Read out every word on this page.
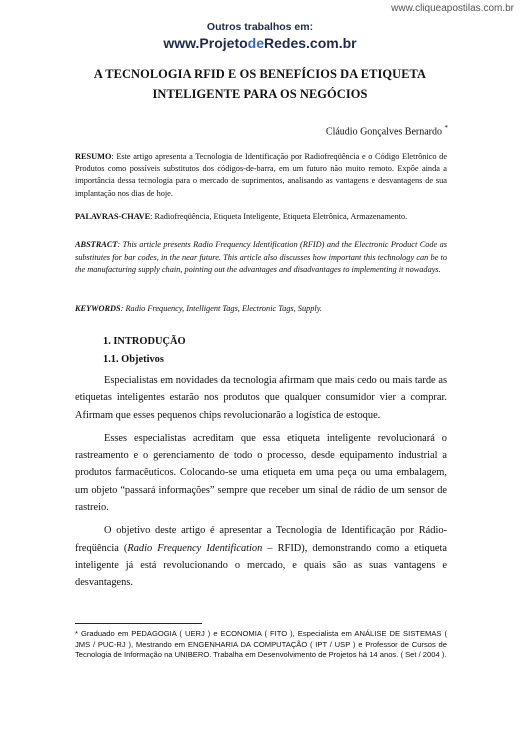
www.cliqueapostilas.com.br
Outros trabalhos em:
www.ProjetodeRedes.com.br
A TECNOLOGIA RFID E OS BENEFÍCIOS DA ETIQUETA
INTELIGENTE PARA OS NEGÓCIOS
Cláudio Gonçalves Bernardo *
RESUMO: Este artigo apresenta a Tecnologia de Identificação por Radiofreqüência e o Código Eletrônico de Produtos como possíveis substitutos dos códigos-de-barra, em um futuro não muito remoto. Expõe ainda a importância dessa tecnologia para o mercado de suprimentos, analisando as vantagens e desvantagens de sua implantação nos dias de hoje.
PALAVRAS-CHAVE: Radiofreqüência, Etiqueta Inteligente, Etiqueta Eletrônica, Armazenamento.
ABSTRACT: This article presents Radio Frequency Identification (RFID) and the Electronic Product Code as substitutes for bar codes, in the near future. This article also discusses how important this technology can be to the manufacturing supply chain, pointing out the advantages and disadvantages to implementing it nowadays.
KEYWORDS: Radio Frequency, Intelligent Tags, Electronic Tags, Supply.
1. INTRODUÇÃO
1.1. Objetivos

Especialistas em novidades da tecnologia afirmam que mais cedo ou mais tarde as etiquetas inteligentes estarão nos produtos que qualquer consumidor vier a comprar. Afirmam que esses pequenos chips revolucionarão a logística de estoque.

Esses especialistas acreditam que essa etiqueta inteligente revolucionará o rastreamento e o gerenciamento de todo o processo, desde equipamento industrial a produtos farmacêuticos. Colocando-se uma etiqueta em uma peça ou uma embalagem, um objeto “passará informações” sempre que receber um sinal de rádio de um sensor de rastreio.

O objetivo deste artigo é apresentar a Tecnologia de Identificação por Rádio-freqüência (Radio Frequency Identification – RFID), demonstrando como a etiqueta inteligente já está revolucionando o mercado, e quais são as suas vantagens e desvantagens.

* Graduado em PEDAGOGIA ( UERJ ) e ECONOMIA ( FITO ), Especialista em ANÁLISE DE SISTEMAS ( JMS / PUC-RJ ), Mestrando em ENGENHARIA DA COMPUTAÇÃO ( IPT / USP ) e Professor de Cursos de Tecnologia de Informação na UNIBERO. Trabalha em Desenvolvimento de Projetos há 14 anos. ( Set / 2004 ).
